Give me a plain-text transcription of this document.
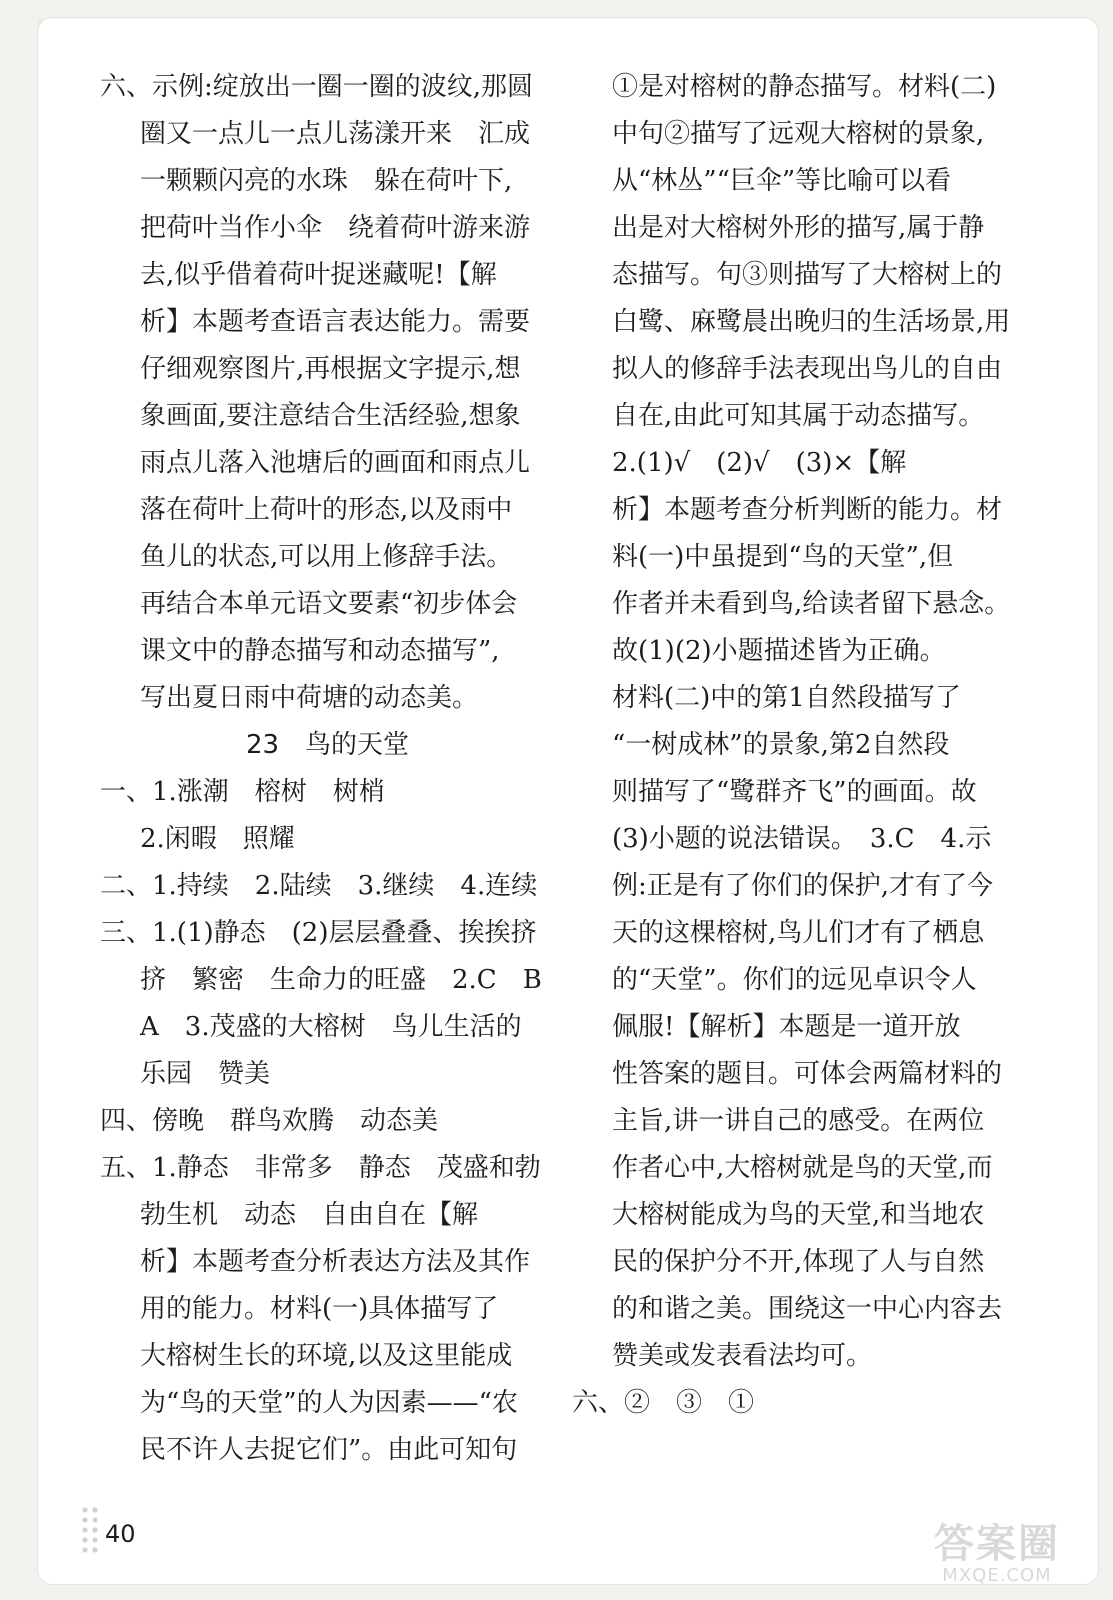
六、示例:绽放出一圈一圈的波纹,那圆
圈又一点儿一点儿荡漾开来　汇成
一颗颗闪亮的水珠　躲在荷叶下,
把荷叶当作小伞　绕着荷叶游来游
去,似乎借着荷叶捉迷藏呢!【解
析】本题考查语言表达能力。需要
仔细观察图片,再根据文字提示,想
象画面,要注意结合生活经验,想象
雨点儿落入池塘后的画面和雨点儿
落在荷叶上荷叶的形态,以及雨中
鱼儿的状态,可以用上修辞手法。
再结合本单元语文要素“初步体会
课文中的静态描写和动态描写”,
写出夏日雨中荷塘的动态美。
23　鸟的天堂
一、1.涨潮　榕树　树梢
2.闲暇　照耀
二、1.持续　2.陆续　3.继续　4.连续
三、1.(1)静态　(2)层层叠叠、挨挨挤
挤　繁密　生命力的旺盛　2.C　B
A　3.茂盛的大榕树　鸟儿生活的
乐园　赞美
四、傍晚　群鸟欢腾　动态美
五、1.静态　非常多　静态　茂盛和勃
勃生机　动态　自由自在【解
析】本题考查分析表达方法及其作
用的能力。材料(一)具体描写了
大榕树生长的环境,以及这里能成
为“鸟的天堂”的人为因素——“农
民不许人去捉它们”。由此可知句
①是对榕树的静态描写。材料(二)
中句②描写了远观大榕树的景象,
从“林丛”“巨伞”等比喻可以看
出是对大榕树外形的描写,属于静
态描写。句③则描写了大榕树上的
白鹭、麻鹭晨出晚归的生活场景,用
拟人的修辞手法表现出鸟儿的自由
自在,由此可知其属于动态描写。
2.(1)√　(2)√　(3)×【解
析】本题考查分析判断的能力。材
料(一)中虽提到“鸟的天堂”,但
作者并未看到鸟,给读者留下悬念。
故(1)(2)小题描述皆为正确。
材料(二)中的第1自然段描写了
“一树成林”的景象,第2自然段
则描写了“鹭群齐飞”的画面。故
(3)小题的说法错误。　3.C　4.示
例:正是有了你们的保护,才有了今
天的这棵榕树,鸟儿们才有了栖息
的“天堂”。你们的远见卓识令人
佩服!【解析】本题是一道开放
性答案的题目。可体会两篇材料的
主旨,讲一讲自己的感受。在两位
作者心中,大榕树就是鸟的天堂,而
大榕树能成为鸟的天堂,和当地农
民的保护分不开,体现了人与自然
的和谐之美。围绕这一中心内容去
赞美或发表看法均可。
六、②　③　①
40	答案圈
MXQE.COM
